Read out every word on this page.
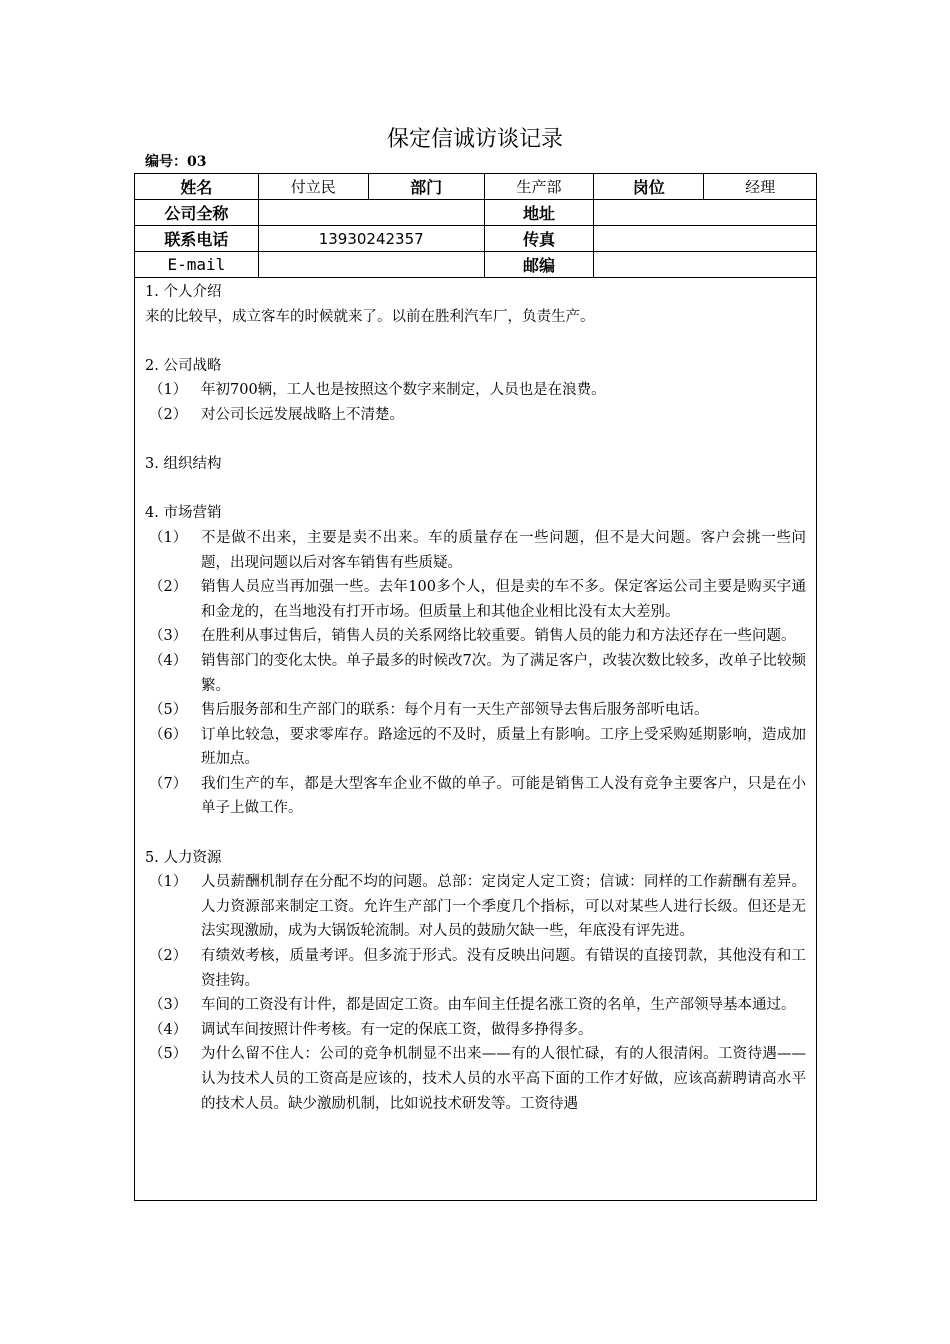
保定信诚访谈记录
编号：03
姓名	付立民	部门	生产部	岗位	经理
公司全称			地址		
联系电话	13930242357		传真		
E-mail			邮编		

1. 个人介绍

来的比较早，成立客车的时候就来了。以前在胜利汽车厂，负责生产。

2. 公司战略

（1） 年初700辆，工人也是按照这个数字来制定，人员也是在浪费。
（2） 对公司长远发展战略上不清楚。

3. 组织结构

4. 市场营销

（1） 不是做不出来，主要是卖不出来。车的质量存在一些问题，但不是大问题。客户会挑一些问题，出现问题以后对客车销售有些质疑。
（2） 销售人员应当再加强一些。去年100多个人，但是卖的车不多。保定客运公司主要是购买宇通和金龙的，在当地没有打开市场。但质量上和其他企业相比没有太大差别。
（3） 在胜利从事过售后，销售人员的关系网络比较重要。销售人员的能力和方法还存在一些问题。
（4） 销售部门的变化太快。单子最多的时候改7次。为了满足客户，改装次数比较多，改单子比较频繁。
（5） 售后服务部和生产部门的联系：每个月有一天生产部领导去售后服务部听电话。
（6） 订单比较急，要求零库存。路途远的不及时，质量上有影响。工序上受采购延期影响，造成加班加点。
（7） 我们生产的车，都是大型客车企业不做的单子。可能是销售工人没有竞争主要客户，只是在小单子上做工作。

5. 人力资源

（1） 人员薪酬机制存在分配不均的问题。总部：定岗定人定工资；信诚：同样的工作薪酬有差异。人力资源部来制定工资。允许生产部门一个季度几个指标，可以对某些人进行长级。但还是无法实现激励，成为大锅饭轮流制。对人员的鼓励欠缺一些，年底没有评先进。
（2） 有绩效考核，质量考评。但多流于形式。没有反映出问题。有错误的直接罚款，其他没有和工资挂钩。
（3） 车间的工资没有计件，都是固定工资。由车间主任提名涨工资的名单，生产部领导基本通过。
（4） 调试车间按照计件考核。有一定的保底工资，做得多挣得多。
（5） 为什么留不住人：公司的竞争机制显不出来——有的人很忙碌，有的人很清闲。工资待遇——认为技术人员的工资高是应该的，技术人员的水平高下面的工作才好做，应该高薪聘请高水平的技术人员。缺少激励机制，比如说技术研发等。工资待遇
